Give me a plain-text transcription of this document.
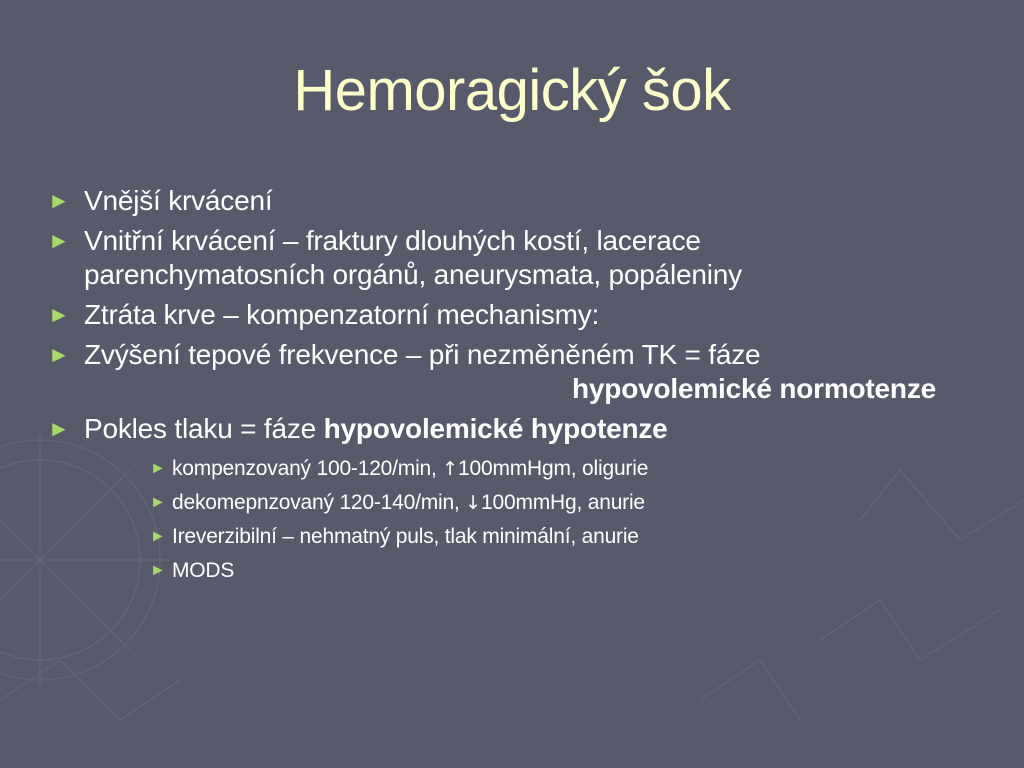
Hemoragický šok
► Vnější krvácení
► Vnitřní krvácení – fraktury dlouhých kostí, lacerace
parenchymatosních orgánů, aneurysmata, popáleniny
► Ztráta krve – kompenzatorní mechanismy:
► Zvýšení tepové frekvence – při nezměněném TK = fáze
hypovolemické normotenze
► Pokles tlaku = fáze hypovolemické hypotenze
► kompenzovaný 100-120/min, ↑100mmHgm, oligurie
► dekomepnzovaný 120-140/min, ↓100mmHg, anurie
► Ireverzibilní – nehmatný puls, tlak minimální, anurie
► MODS
